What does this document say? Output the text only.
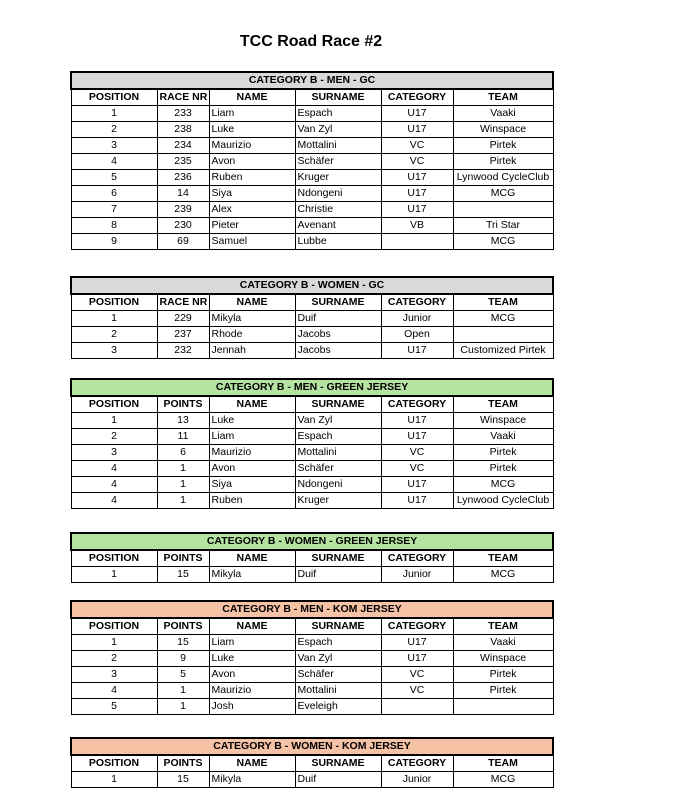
TCC Road Race #2
CATEGORY B - MEN - GC					
POSITION	RACE NR	NAME	SURNAME	CATEGORY	TEAM
1	233	Liam	Espach	U17	Vaaki
2	238	Luke	Van Zyl	U17	Winspace
3	234	Maurizio	Mottalini	VC	Pirtek
4	235	Avon	Schäfer	VC	Pirtek
5	236	Ruben	Kruger	U17	Lynwood CycleClub
6	14	Siya	Ndongeni	U17	MCG
7	239	Alex	Christie	U17	
8	230	Pieter	Avenant	VB	Tri Star
9	69	Samuel	Lubbe		MCG
CATEGORY B - WOMEN - GC					
POSITION	RACE NR	NAME	SURNAME	CATEGORY	TEAM
1	229	Mikyla	Duif	Junior	MCG
2	237	Rhode	Jacobs	Open	
3	232	Jennah	Jacobs	U17	Customized Pirtek
CATEGORY B - MEN - GREEN JERSEY					
POSITION	POINTS	NAME	SURNAME	CATEGORY	TEAM
1	13	Luke	Van Zyl	U17	Winspace
2	11	Liam	Espach	U17	Vaaki
3	6	Maurizio	Mottalini	VC	Pirtek
4	1	Avon	Schäfer	VC	Pirtek
4	1	Siya	Ndongeni	U17	MCG
4	1	Ruben	Kruger	U17	Lynwood CycleClub
CATEGORY B - WOMEN - GREEN JERSEY					
POSITION	POINTS	NAME	SURNAME	CATEGORY	TEAM
1	15	Mikyla	Duif	Junior	MCG
CATEGORY B - MEN - KOM JERSEY					
POSITION	POINTS	NAME	SURNAME	CATEGORY	TEAM
1	15	Liam	Espach	U17	Vaaki
2	9	Luke	Van Zyl	U17	Winspace
3	5	Avon	Schäfer	VC	Pirtek
4	1	Maurizio	Mottalini	VC	Pirtek
5	1	Josh	Eveleigh		
CATEGORY B - WOMEN - KOM JERSEY					
POSITION	POINTS	NAME	SURNAME	CATEGORY	TEAM
1	15	Mikyla	Duif	Junior	MCG
